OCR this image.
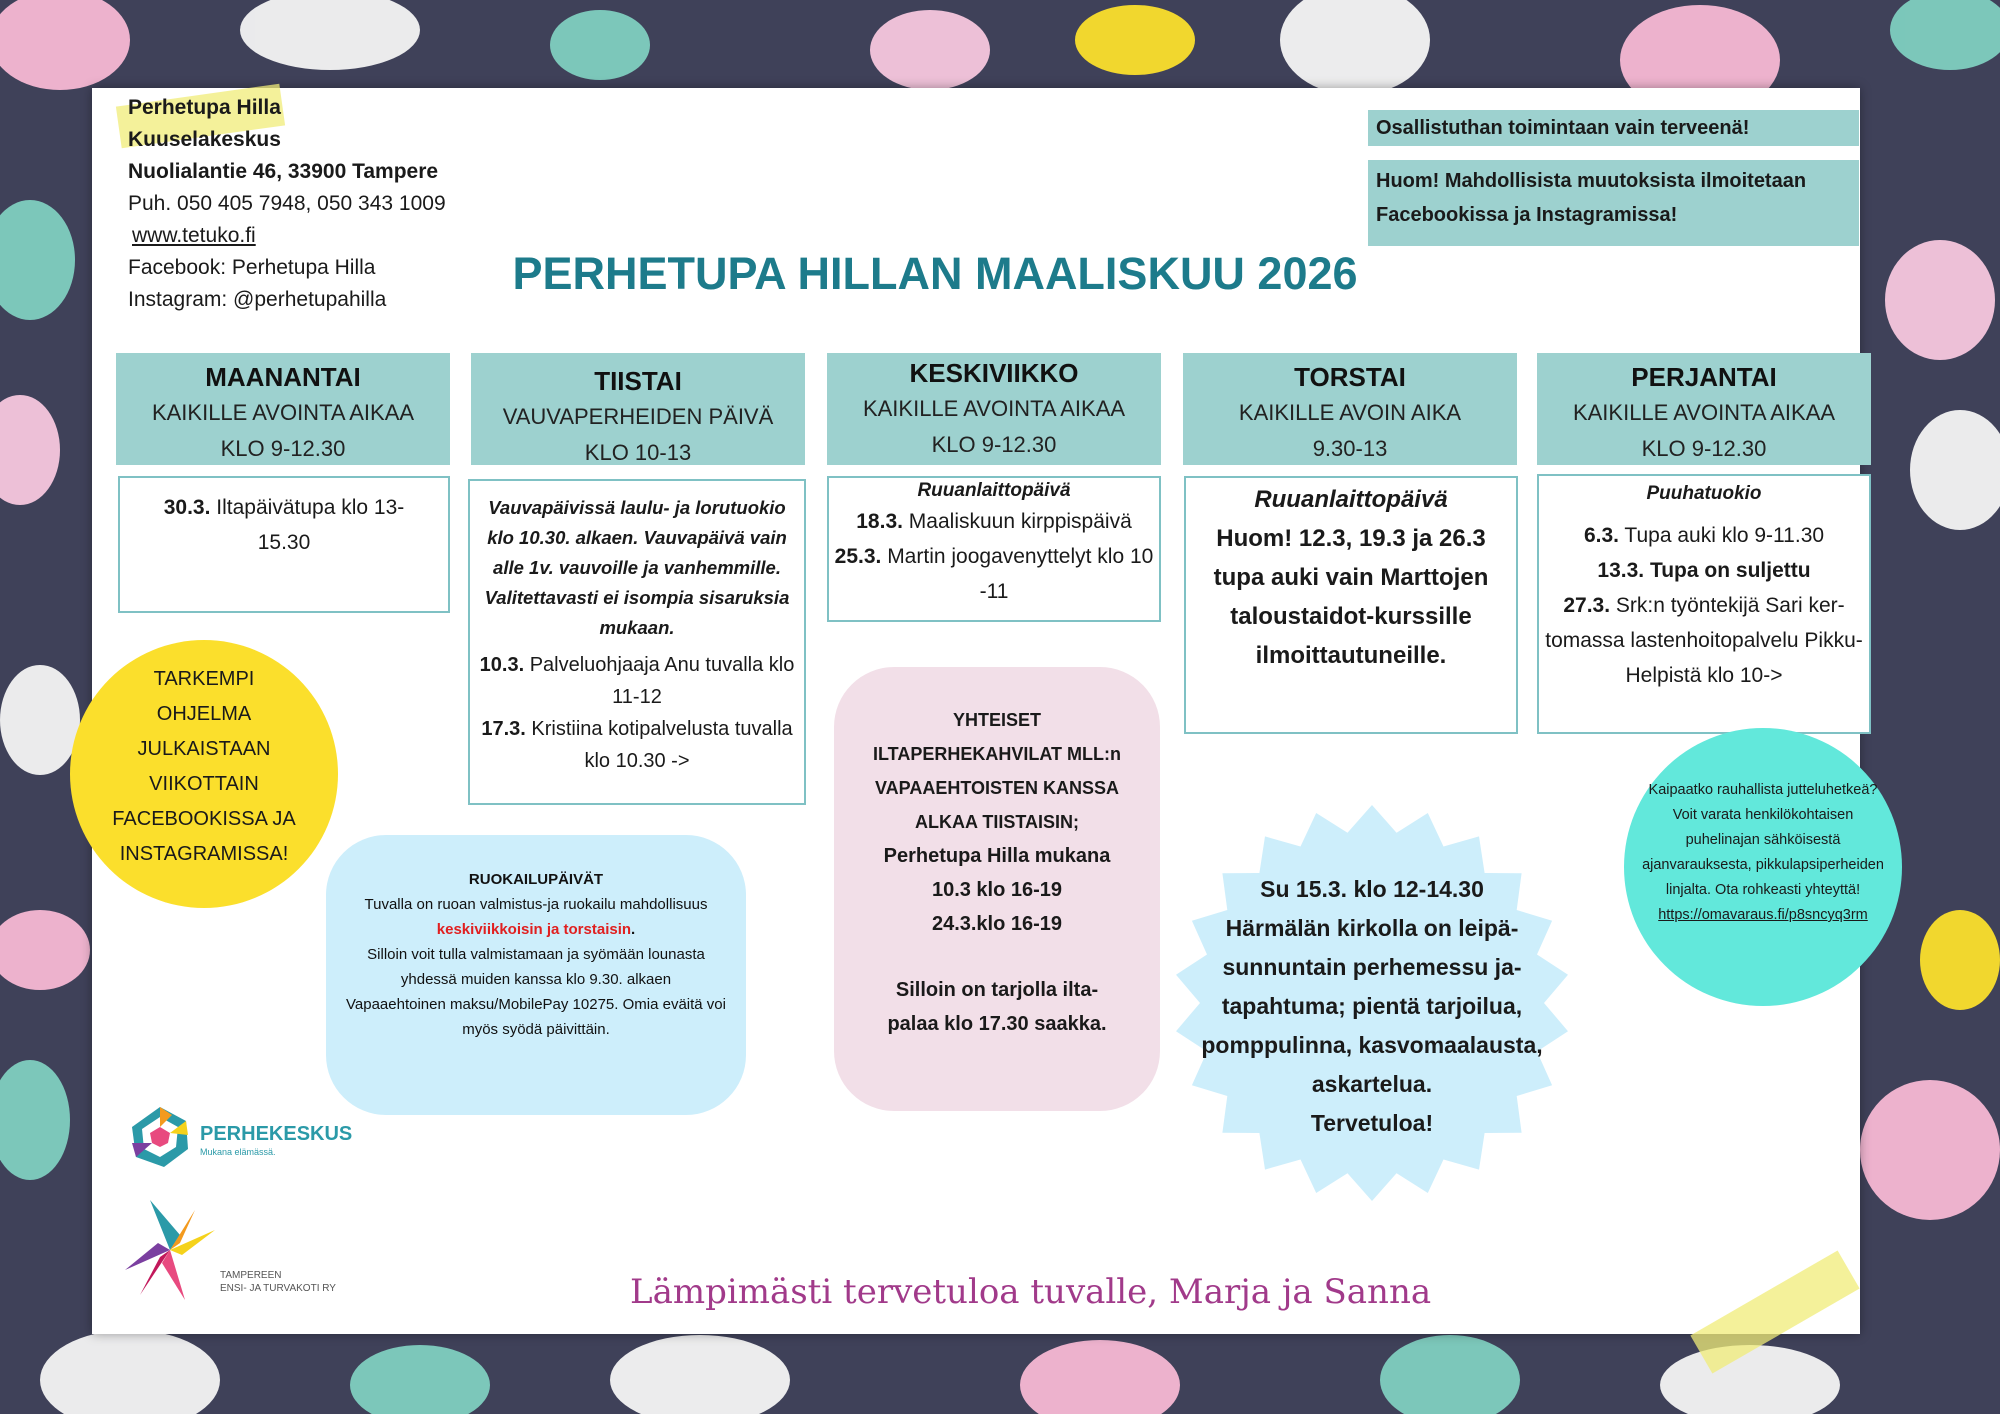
Perhetupa Hilla
Kuuselakeskus
Nuolialantie 46, 33900 Tampere
Puh. 050 405 7948, 050 343 1009
www.tetuko.fi
Facebook: Perhetupa Hilla
Instagram: @perhetupahilla
Osallistuthan toimintaan vain terveenä!
Huom! Mahdollisista muutoksista ilmoitetaan Facebookissa ja Instagramissa!
PERHETUPA HILLAN MAALISKUU 2026
MAANANTAI
KAIKILLE AVOINTA AIKAA
KLO 9-12.30
TIISTAI
VAUVAPERHEIDEN PÄIVÄ
KLO 10-13
KESKIVIIKKO
KAIKILLE AVOINTA AIKAA
KLO 9-12.30
TORSTAI
KAIKILLE AVOIN AIKA
9.30-13
PERJANTAI
KAIKILLE AVOINTA AIKAA
KLO 9-12.30
30.3. Iltapäivätupa klo 13-15.30
Vauvapäivissä laulu- ja lorutuokio klo 10.30. alkaen. Vauvapäivä vain alle 1v. vauvoille ja vanhemmille. Valitettavasti ei isompia sisaruksia mukaan.
10.3. Palveluohjaaja Anu tuvalla klo 11-12
17.3. Kristiina kotipalvelusta tuvalla klo 10.30 ->
Ruuanlaittopäivä
18.3. Maaliskuun kirppispäivä
25.3. Martin joogavenyttelyt klo 10 -11
Ruuanlaittopäivä
Huom! 12.3, 19.3 ja 26.3 tupa auki vain Marttojen taloustaidot-kurssille ilmoittautuneille.
Puuhatuokio
6.3. Tupa auki klo 9-11.30
13.3. Tupa on suljettu
27.3. Srk:n työntekijä Sari ker-tomassa lastenhoitopalvelu Pikku-Helpistä klo 10->
TARKEMPI
OHJELMA
JULKAISTAAN
VIIKOTTAIN
FACEBOOKISSA JA
INSTAGRAMISSA!
RUOKAILUPÄIVÄT
Tuvalla on ruoan valmistus-ja ruokailu mahdollisuus keskiviikkoisin ja torstaisin.
Silloin voit tulla valmistamaan ja syömään lounasta yhdessä muiden kanssa klo 9.30. alkaen
Vapaaehtoinen maksu/MobilePay 10275. Omia eväitä voi myös syödä päivittäin.
YHTEISET
ILTAPERHEKAHVILAT MLL:n
VAPAAEHTOISTEN KANSSA
ALKAA TIISTAISIN;
Perhetupa Hilla mukana
10.3 klo 16-19
24.3.klo 16-19
Silloin on tarjolla ilta-palaa klo 17.30 saakka.
Su 15.3. klo 12-14.30
Härmälän kirkolla on leipä-
sunnuntain perhemessu ja-
tapahtuma; pientä tarjoilua,
pomppulinna, kasvomaalausta,
askartelua.
Tervetuloa!
Kaipaatko rauhallista jutteluhetkeä? Voit varata henkilökohtaisen puhelinajan sähköisestä ajanvarauksesta, pikkulapsiperheiden linjalta. Ota rohkeasti yhteyttä!
https://omavaraus.fi/p8sncyq3rm
PERHEKESKUS
Mukana elämässä.
TAMPEREEN
ENSI- JA TURVAKOTI RY	Lämpimästi tervetuloa tuvalle, Marja ja Sanna
